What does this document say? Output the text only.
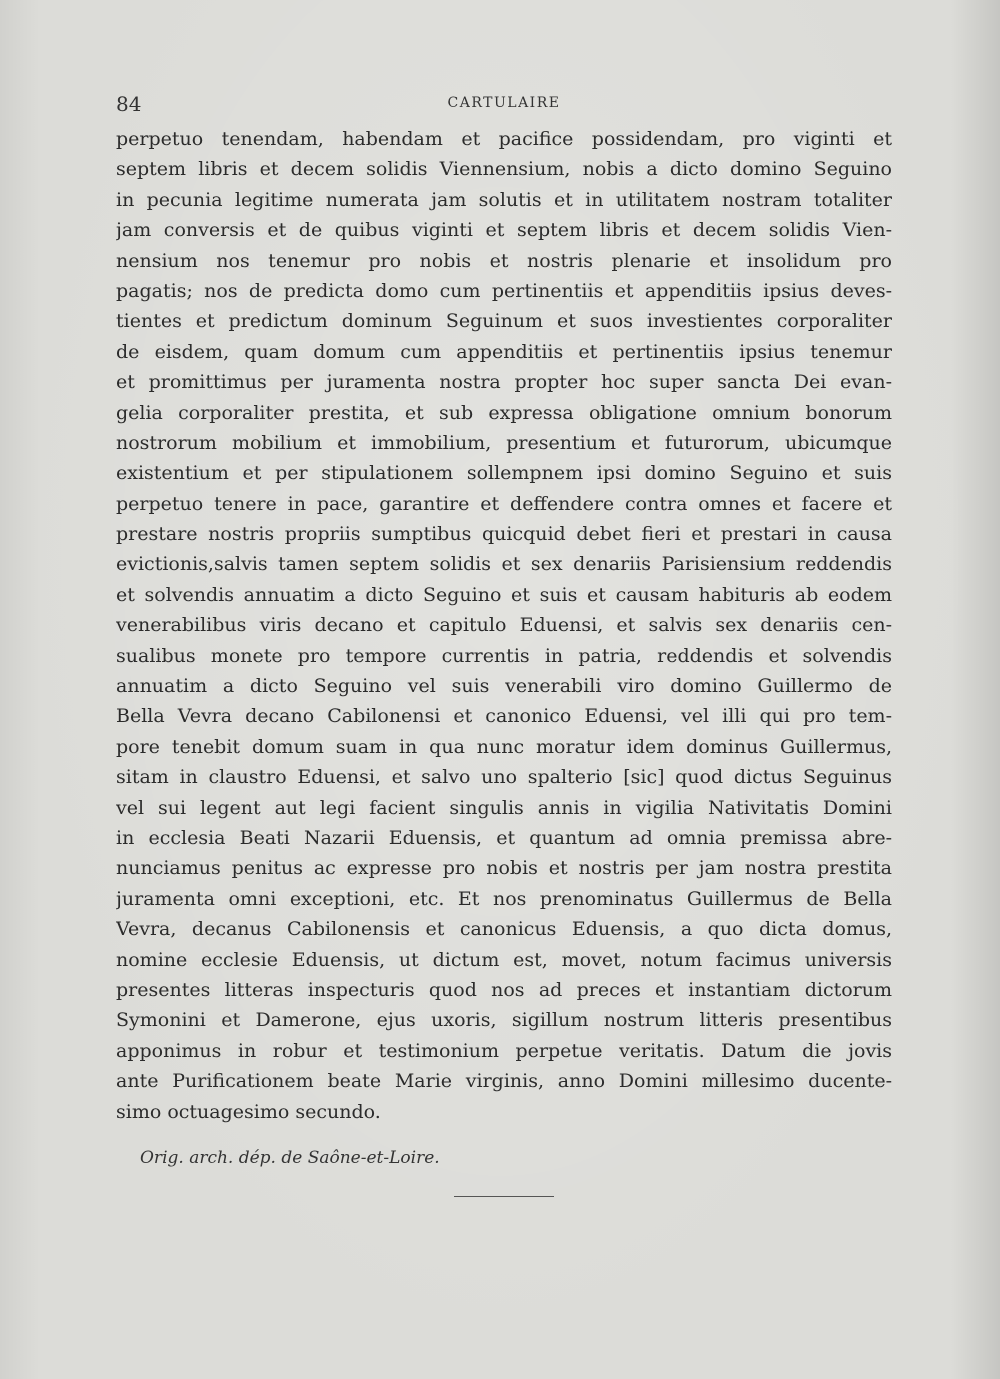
84	CARTULAIRE
perpetuo tenendam, habendam et pacifice possidendam, pro viginti et
septem libris et decem solidis Viennensium, nobis a dicto domino Seguino
in pecunia legitime numerata jam solutis et in utilitatem nostram totaliter
jam conversis et de quibus viginti et septem libris et decem solidis Vien-
nensium nos tenemur pro nobis et nostris plenarie et insolidum pro
pagatis; nos de predicta domo cum pertinentiis et appenditiis ipsius deves-
tientes et predictum dominum Seguinum et suos investientes corporaliter
de eisdem, quam domum cum appenditiis et pertinentiis ipsius tenemur
et promittimus per juramenta nostra propter hoc super sancta Dei evan-
gelia corporaliter prestita, et sub expressa obligatione omnium bonorum
nostrorum mobilium et immobilium, presentium et futurorum, ubicumque
existentium et per stipulationem sollempnem ipsi domino Seguino et suis
perpetuo tenere in pace, garantire et deffendere contra omnes et facere et
prestare nostris propriis sumptibus quicquid debet fieri et prestari in causa
evictionis,salvis tamen septem solidis et sex denariis Parisiensium reddendis
et solvendis annuatim a dicto Seguino et suis et causam habituris ab eodem
venerabilibus viris decano et capitulo Eduensi, et salvis sex denariis cen-
sualibus monete pro tempore currentis in patria, reddendis et solvendis
annuatim a dicto Seguino vel suis venerabili viro domino Guillermo de
Bella Vevra decano Cabilonensi et canonico Eduensi, vel illi qui pro tem-
pore tenebit domum suam in qua nunc moratur idem dominus Guillermus,
sitam in claustro Eduensi, et salvo uno spalterio [sic] quod dictus Seguinus
vel sui legent aut legi facient singulis annis in vigilia Nativitatis Domini
in ecclesia Beati Nazarii Eduensis, et quantum ad omnia premissa abre-
nunciamus penitus ac expresse pro nobis et nostris per jam nostra prestita
juramenta omni exceptioni, etc. Et nos prenominatus Guillermus de Bella
Vevra, decanus Cabilonensis et canonicus Eduensis, a quo dicta domus,
nomine ecclesie Eduensis, ut dictum est, movet, notum facimus universis
presentes litteras inspecturis quod nos ad preces et instantiam dictorum
Symonini et Damerone, ejus uxoris, sigillum nostrum litteris presentibus
apponimus in robur et testimonium perpetue veritatis. Datum die jovis
ante Purificationem beate Marie virginis, anno Domini millesimo ducente-
simo octuagesimo secundo.
Orig. arch. dép. de Saône-et-Loire.
